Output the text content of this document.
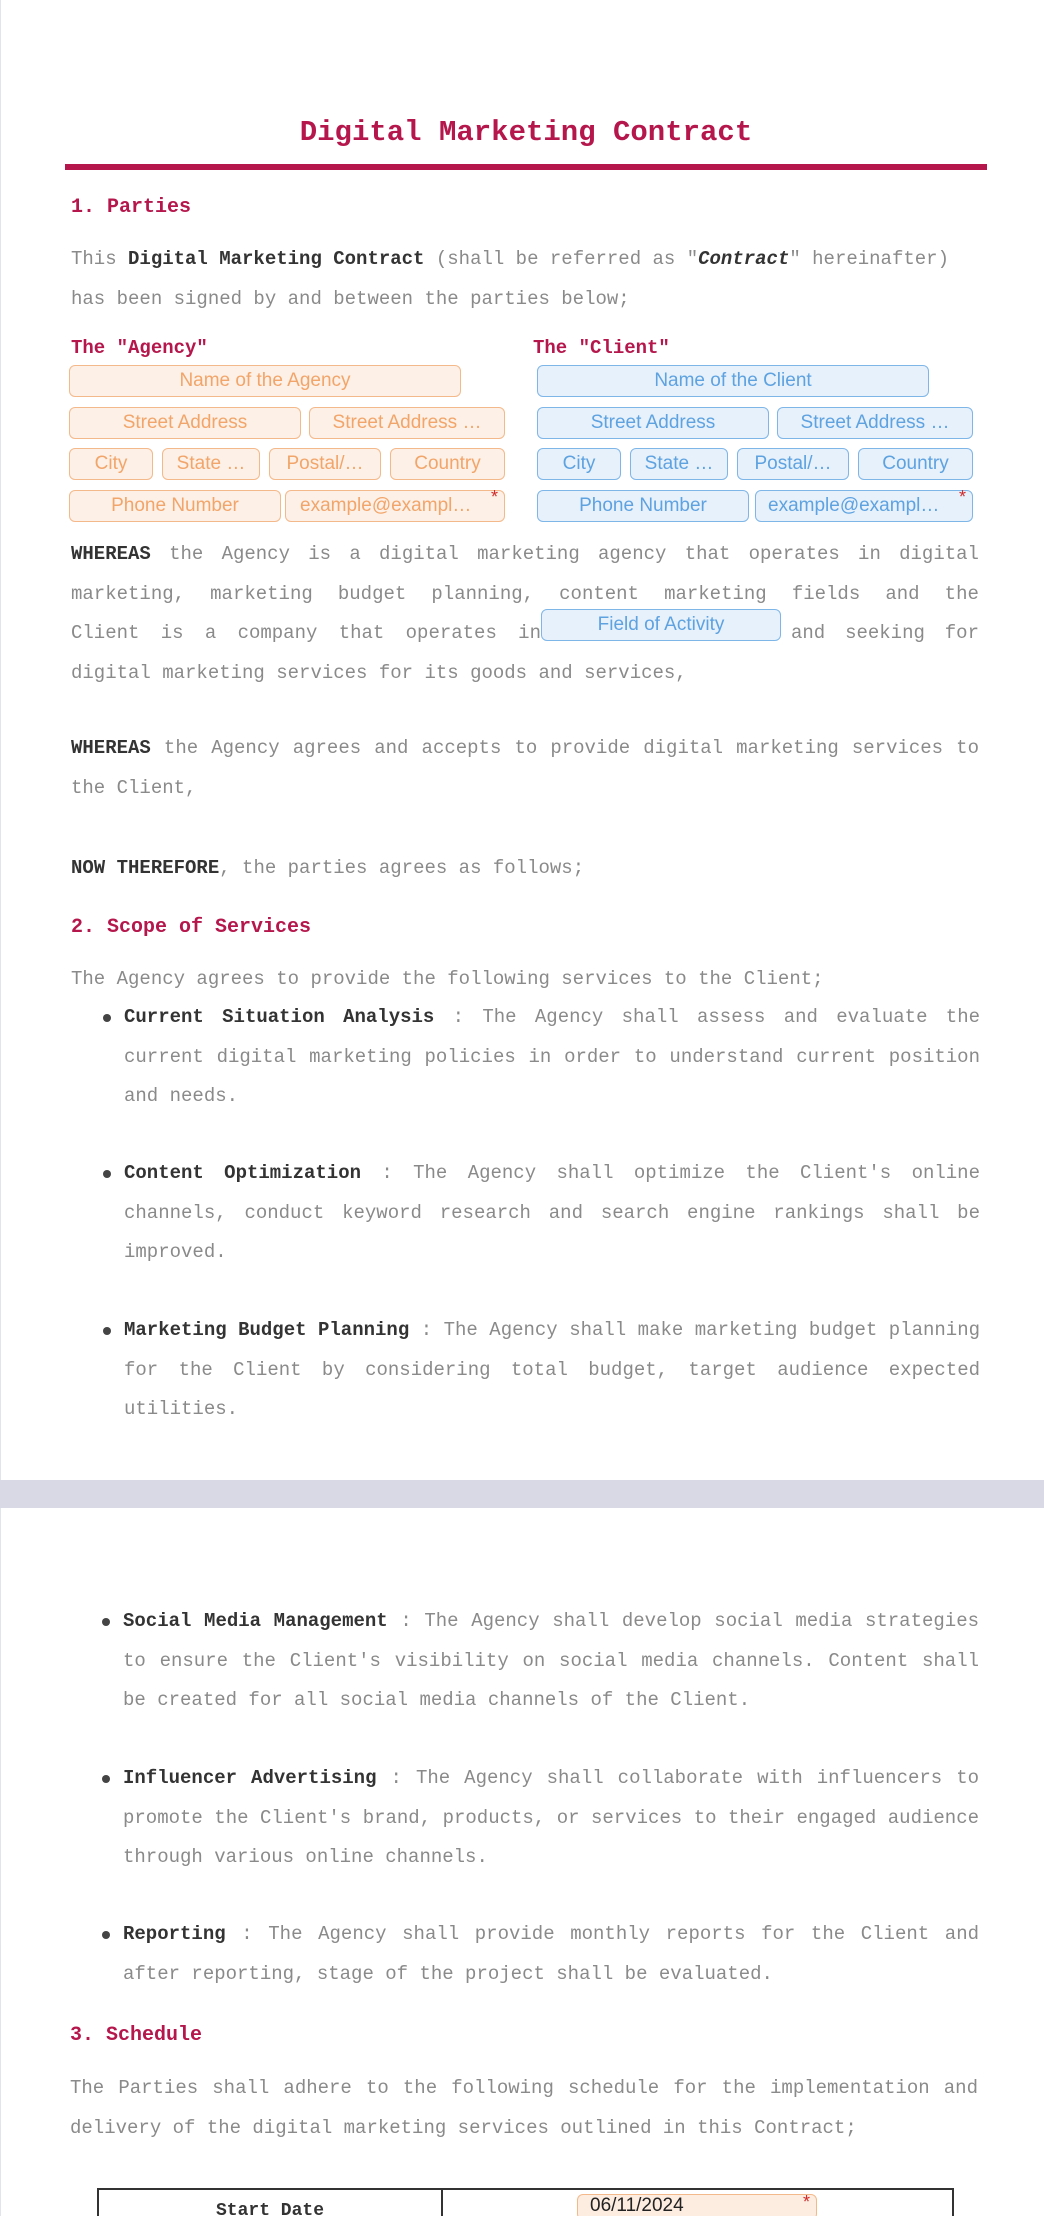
Digital Marketing Contract
1. Parties
This Digital Marketing Contract (shall be referred as "Contract" hereinafter)
has been signed by and between the parties below;
The "Agency"
Name of the Agency
Street Address	Street Address …
City	State …	Postal/…	Country
Phone Number	example@exampl…	*
The "Client"
Name of the Client
Street Address	Street Address …
City	State …	Postal/…	Country
Phone Number	example@exampl…	*
WHEREAS the Agency is a digital marketing agency that operates in digital
marketing, marketing budget planning, content marketing fields and the
Client is a company that operates in	Field of Activity	and seeking for
digital marketing services for its goods and services,
WHEREAS the Agency agrees and accepts to provide digital marketing services to the Client,
NOW THEREFORE, the parties agrees as follows;
2. Scope of Services
The Agency agrees to provide the following services to the Client;
Current Situation Analysis : The Agency shall assess and evaluate the current digital marketing policies in order to understand current position and needs.
Content Optimization : The Agency shall optimize the Client's online channels, conduct keyword research and search engine rankings shall be improved.
Marketing Budget Planning : The Agency shall make marketing budget planning for the Client by considering total budget, target audience expected utilities.
Social Media Management : The Agency shall develop social media strategies to ensure the Client's visibility on social media channels. Content shall be created for all social media channels of the Client.
Influencer Advertising : The Agency shall collaborate with influencers to promote the Client's brand, products, or services to their engaged audience through various online channels.
Reporting : The Agency shall provide monthly reports for the Client and after reporting, stage of the project shall be evaluated.
3. Schedule
The Parties shall adhere to the following schedule for the implementation and delivery of the digital marketing services outlined in this Contract;
Start Date	06/11/2024	*
